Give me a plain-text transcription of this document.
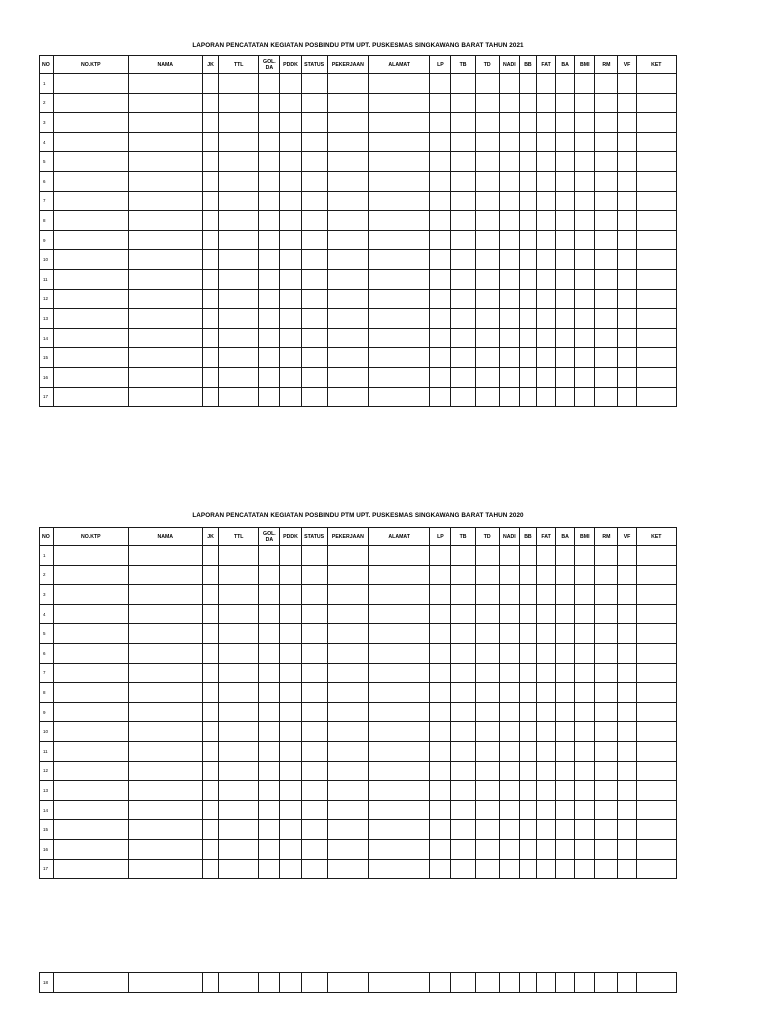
LAPORAN PENCATATAN KEGIATAN POSBINDU PTM UPT. PUSKESMAS SINGKAWANG BARAT TAHUN 2021
NO	NO.KTP	NAMA	JK	TTL	GOL.
DA	PDDK	STATUS	PEKERJAAN	ALAMAT	LP	TB	TD	NADI	BB	FAT	BA	BMI	RM	VF	KET
1																				
2																				
3																				
4																				
5																				
6																				
7																				
8																				
9																				
10																				
11																				
12																				
13																				
14																				
15																				
16																				
17																				
LAPORAN PENCATATAN KEGIATAN POSBINDU PTM UPT. PUSKESMAS SINGKAWANG BARAT TAHUN 2020
NO	NO.KTP	NAMA	JK	TTL	GOL.
DA	PDDK	STATUS	PEKERJAAN	ALAMAT	LP	TB	TD	NADI	BB	FAT	BA	BMI	RM	VF	KET
1																				
2																				
3																				
4																				
5																				
6																				
7																				
8																				
9																				
10																				
11																				
12																				
13																				
14																				
15																				
16																				
17																				
18																				
